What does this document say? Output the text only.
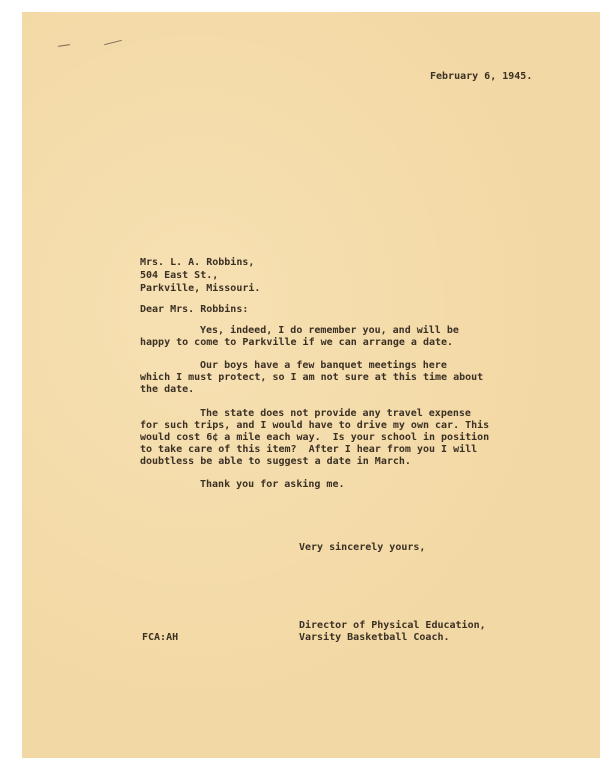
February 6, 1945.

Mrs. L. A. Robbins,

504 East St.,

Parkville, Missouri.

Dear Mrs. Robbins:

Yes, indeed, I do remember you, and will be

happy to come to Parkville if we can arrange a date.

Our boys have a few banquet meetings here

which I must protect, so I am not sure at this time about

the date.

The state does not provide any travel expense

for such trips, and I would have to drive my own car. This

would cost 6¢ a mile each way.  Is your school in position

to take care of this item?  After I hear from you I will

doubtless be able to suggest a date in March.

Thank you for asking me.

Very sincerely yours,

Director of Physical Education,

Varsity Basketball Coach.

FCA:AH
